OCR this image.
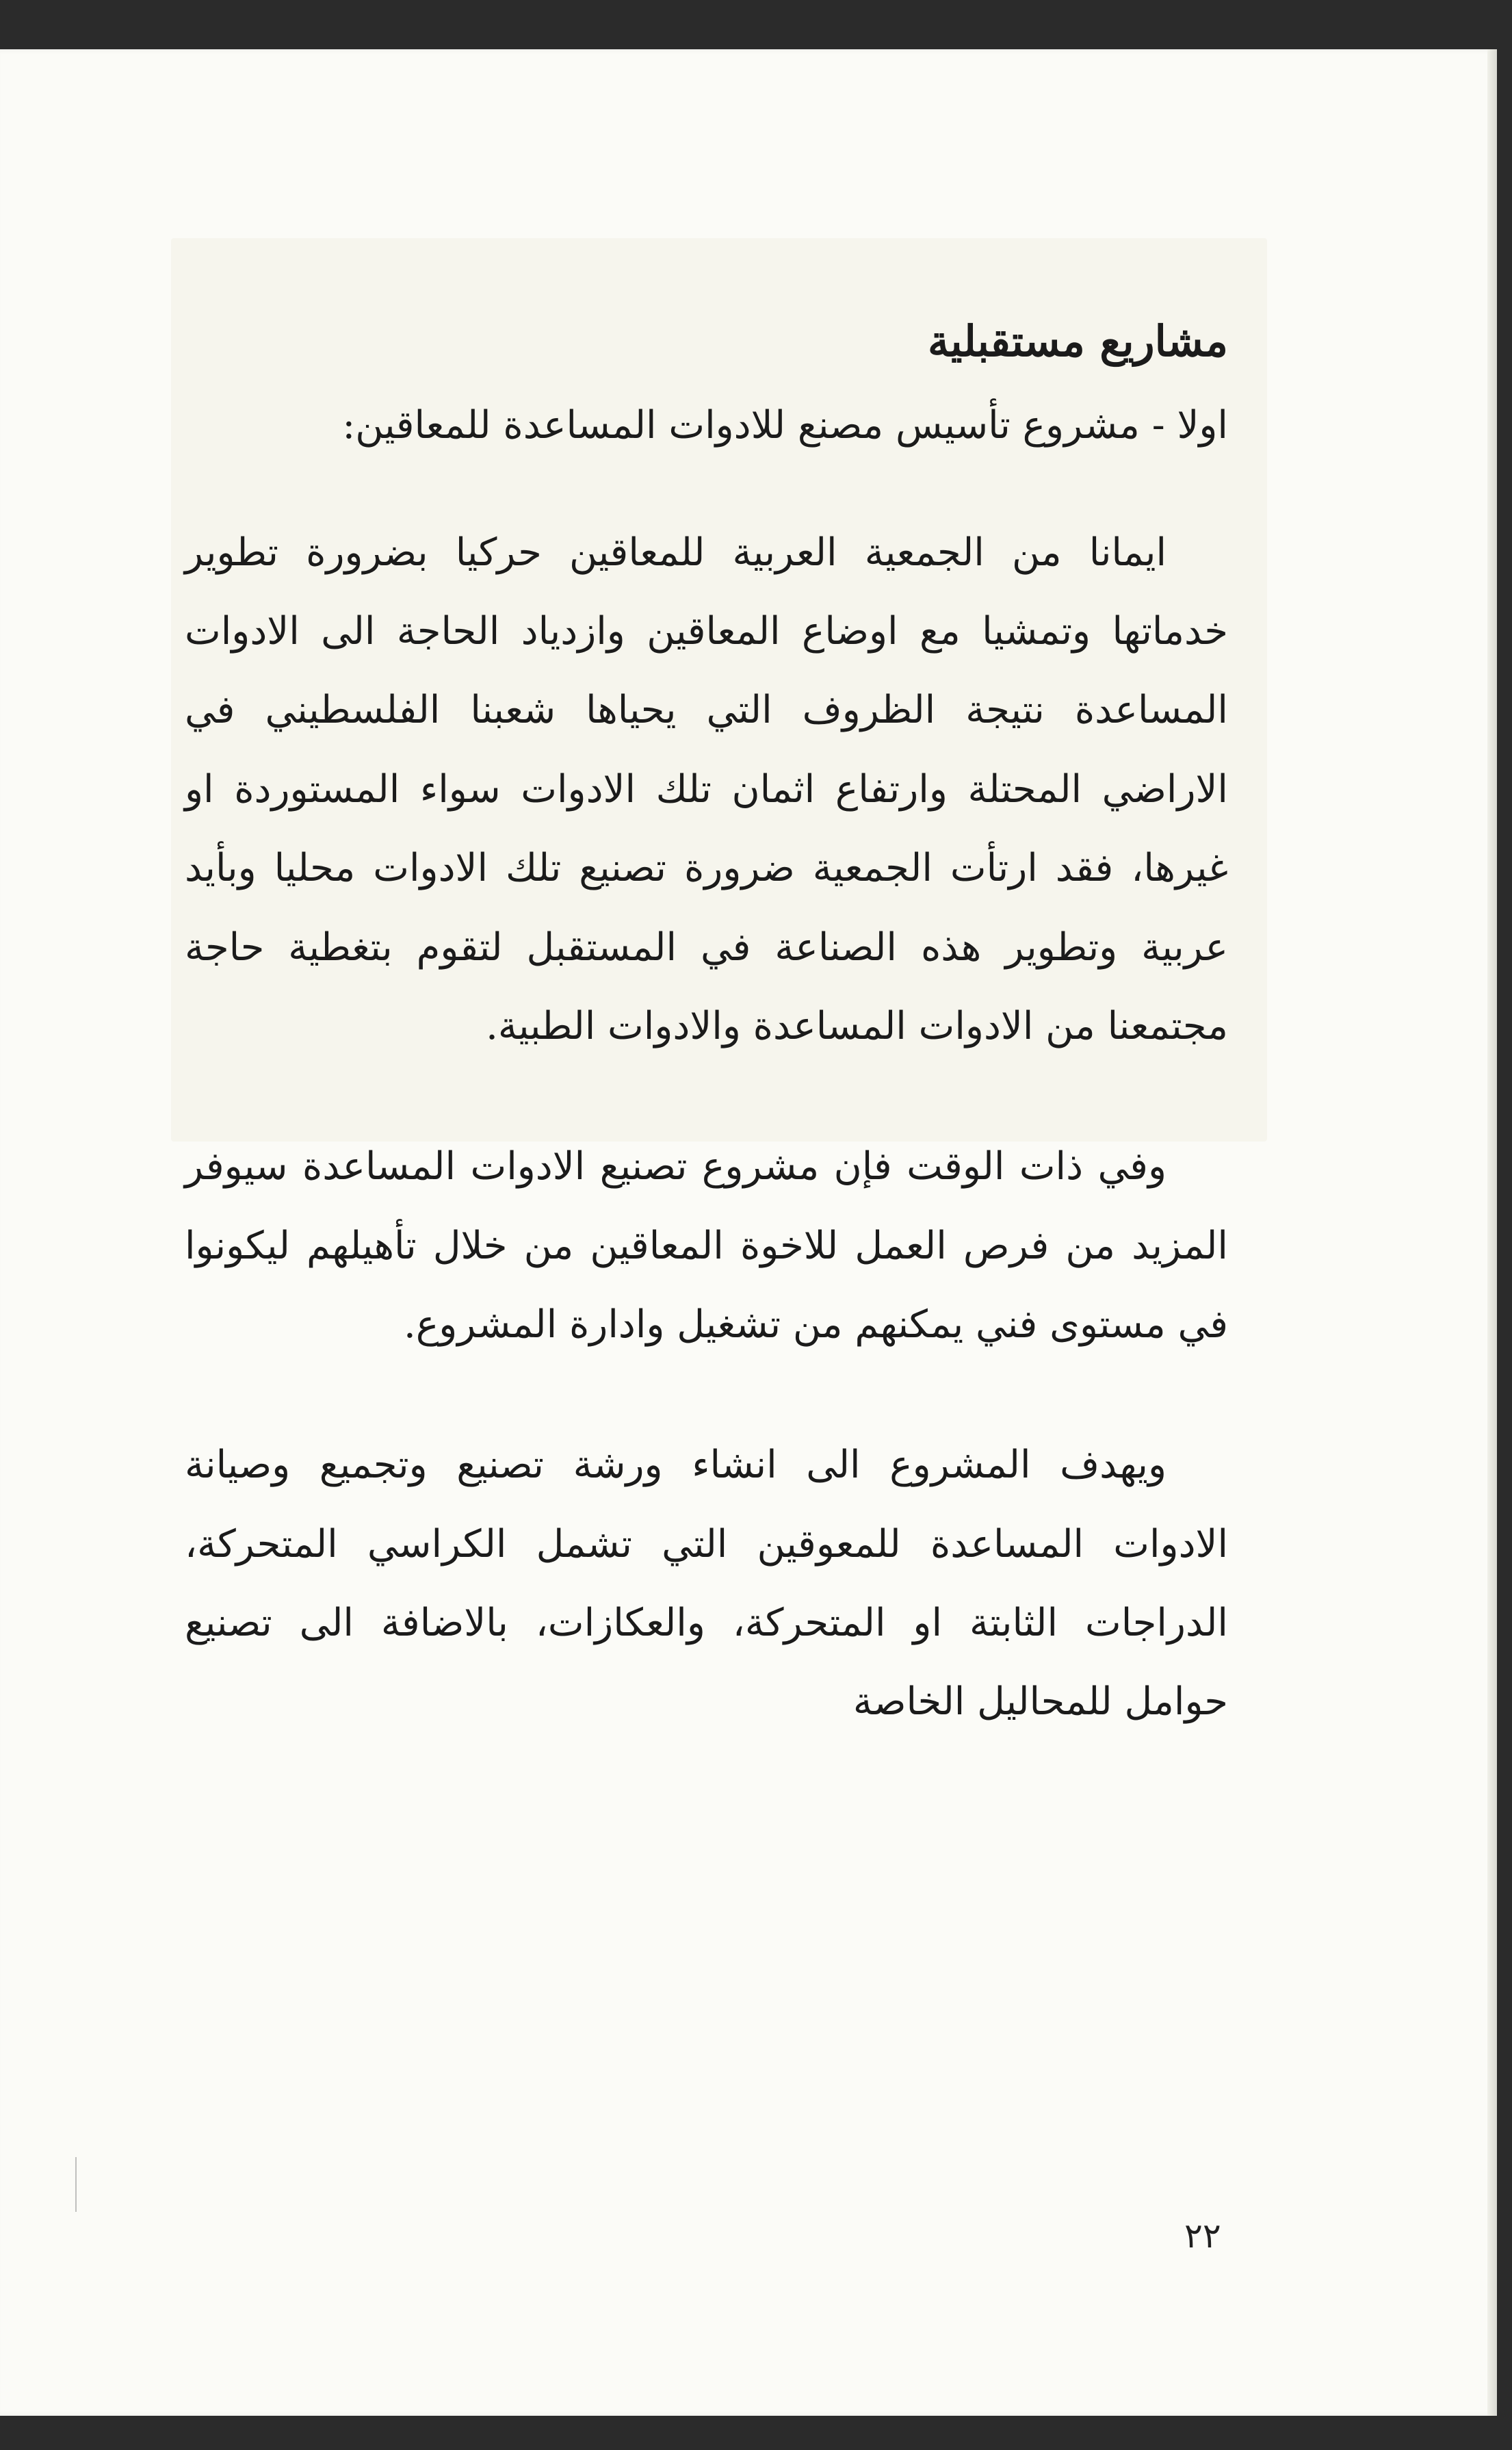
مشاريع مستقبلية
اولا - مشروع تأسيس مصنع للادوات المساعدة للمعاقين:

ايمانا من الجمعية العربية للمعاقين حركيا بضرورة تطوير خدماتها وتمشيا مع اوضاع المعاقين وازدياد الحاجة الى الادوات المساعدة نتيجة الظروف التي يحياها شعبنا الفلسطيني في الاراضي المحتلة وارتفاع اثمان تلك الادوات سواء المستوردة او غيرها، فقد ارتأت الجمعية ضرورة تصنيع تلك الادوات محليا وبأيد عربية وتطوير هذه الصناعة في المستقبل لتقوم بتغطية حاجة مجتمعنا من الادوات المساعدة والادوات الطبية.

وفي ذات الوقت فإن مشروع تصنيع الادوات المساعدة سيوفر المزيد من فرص العمل للاخوة المعاقين من خلال تأهيلهم ليكونوا في مستوى فني يمكنهم من تشغيل وادارة المشروع.

ويهدف المشروع الى انشاء ورشة تصنيع وتجميع وصيانة الادوات المساعدة للمعوقين التي تشمل الكراسي المتحركة، الدراجات الثابتة او المتحركة، والعكازات، بالاضافة الى تصنيع حوامل للمحاليل الخاصة

٢٢
